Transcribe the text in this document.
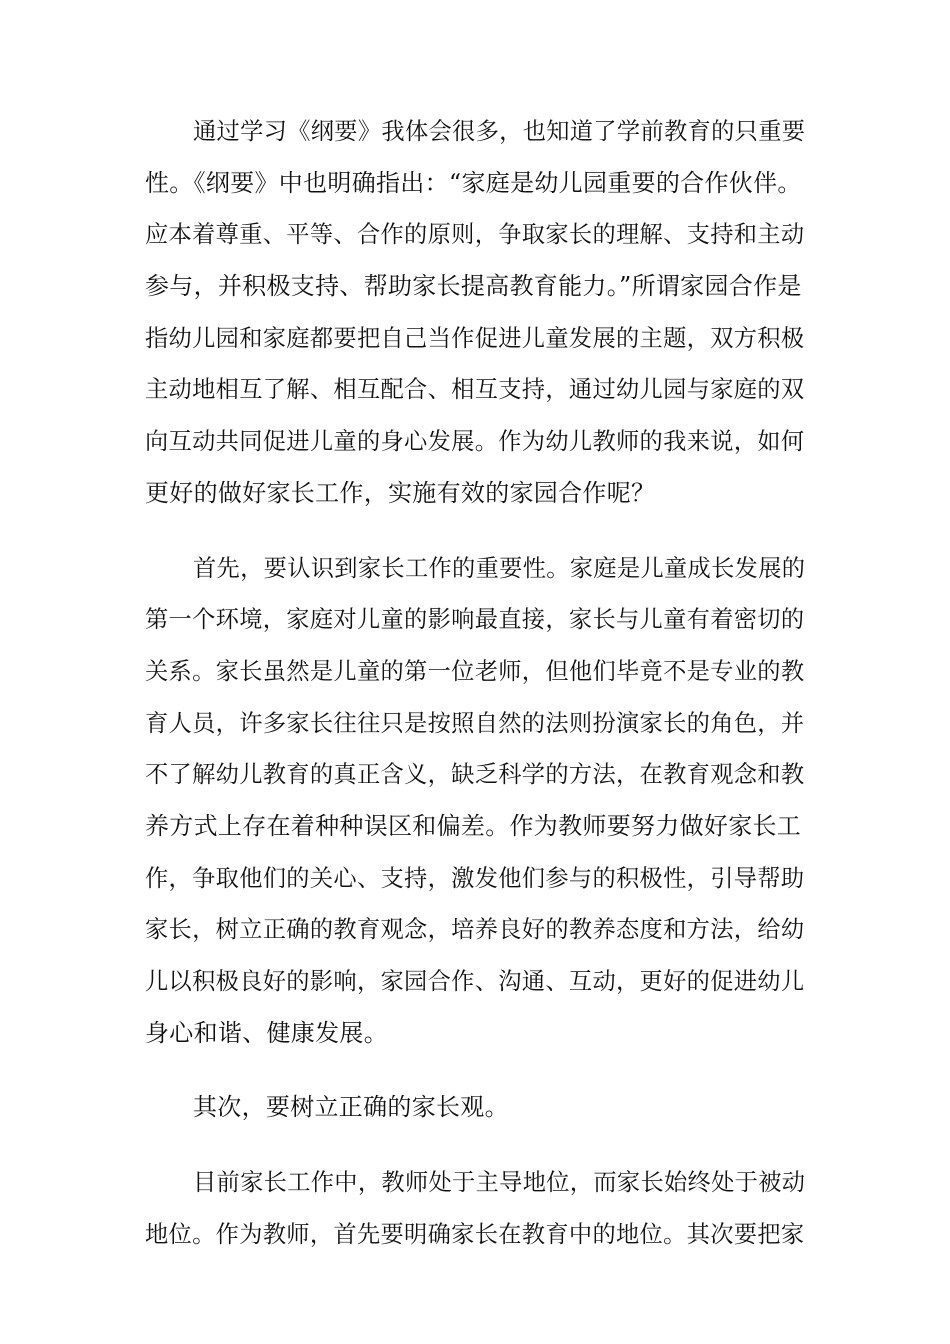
通过学习《纲要》我体会很多，也知道了学前教育的只重要
性。《纲要》中也明确指出：“家庭是幼儿园重要的合作伙伴。
应本着尊重、平等、合作的原则，争取家长的理解、支持和主动
参与，并积极支持、帮助家长提高教育能力。”所谓家园合作是
指幼儿园和家庭都要把自己当作促进儿童发展的主题，双方积极
主动地相互了解、相互配合、相互支持，通过幼儿园与家庭的双
向互动共同促进儿童的身心发展。作为幼儿教师的我来说，如何
更好的做好家长工作，实施有效的家园合作呢？
首先，要认识到家长工作的重要性。家庭是儿童成长发展的
第一个环境，家庭对儿童的影响最直接，家长与儿童有着密切的
关系。家长虽然是儿童的第一位老师，但他们毕竟不是专业的教
育人员，许多家长往往只是按照自然的法则扮演家长的角色，并
不了解幼儿教育的真正含义，缺乏科学的方法，在教育观念和教
养方式上存在着种种误区和偏差。作为教师要努力做好家长工
作，争取他们的关心、支持，激发他们参与的积极性，引导帮助
家长，树立正确的教育观念，培养良好的教养态度和方法，给幼
儿以积极良好的影响，家园合作、沟通、互动，更好的促进幼儿
身心和谐、健康发展。
其次，要树立正确的家长观。
目前家长工作中，教师处于主导地位，而家长始终处于被动
地位。作为教师，首先要明确家长在教育中的地位。其次要把家
